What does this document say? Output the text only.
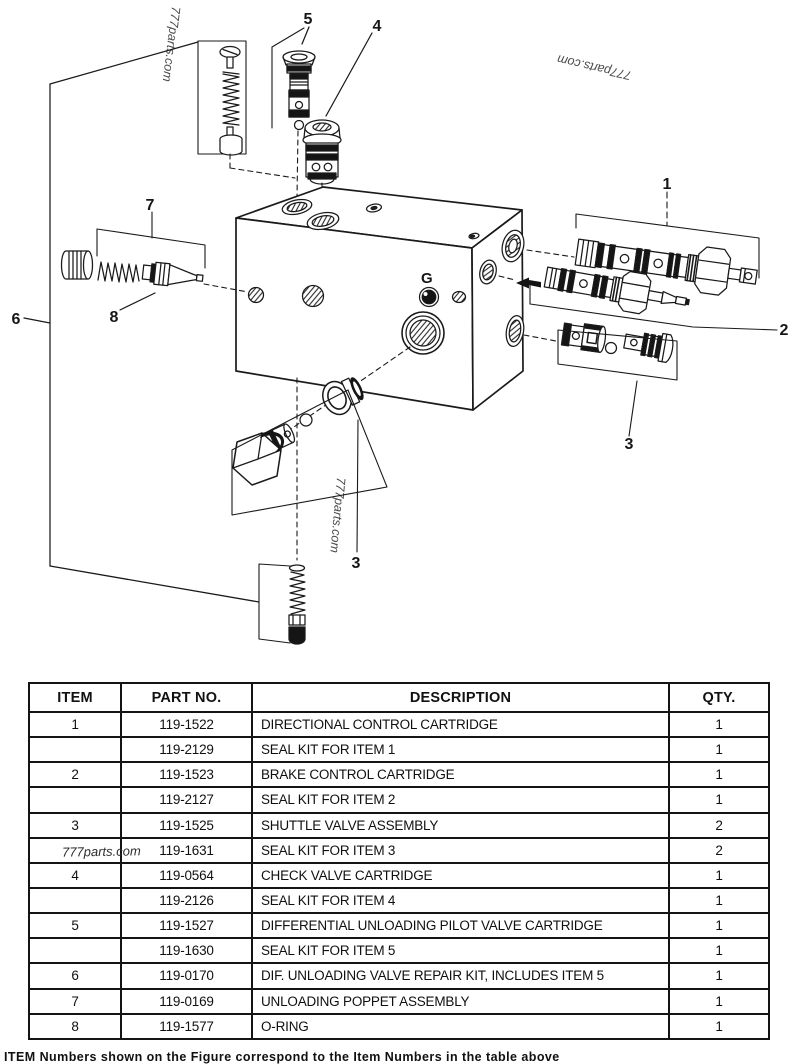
777parts.com	777parts.com
777parts.com
G
5	4
1
2
3
3
6
7
8
ITEM	PART NO.	DESCRIPTION	QTY.
1	119-1522	DIRECTIONAL CONTROL CARTRIDGE	1
	119-2129	SEAL KIT FOR ITEM 1	1
2	119-1523	BRAKE CONTROL CARTRIDGE	1
	119-2127	SEAL KIT FOR ITEM 2	1
3	119-1525	SHUTTLE VALVE ASSEMBLY	2
	119-1631	SEAL KIT FOR ITEM 3	2
4	119-0564	CHECK VALVE CARTRIDGE	1
	119-2126	SEAL KIT FOR ITEM 4	1
5	119-1527	DIFFERENTIAL UNLOADING PILOT VALVE CARTRIDGE	1
	119-1630	SEAL KIT FOR ITEM 5	1
6	119-0170	DIF. UNLOADING VALVE REPAIR KIT, INCLUDES ITEM 5	1
7	119-0169	UNLOADING POPPET ASSEMBLY	1
8	119-1577	O-RING	1
777parts.com
ITEM Numbers shown on the Figure correspond to the Item Numbers in the table above
